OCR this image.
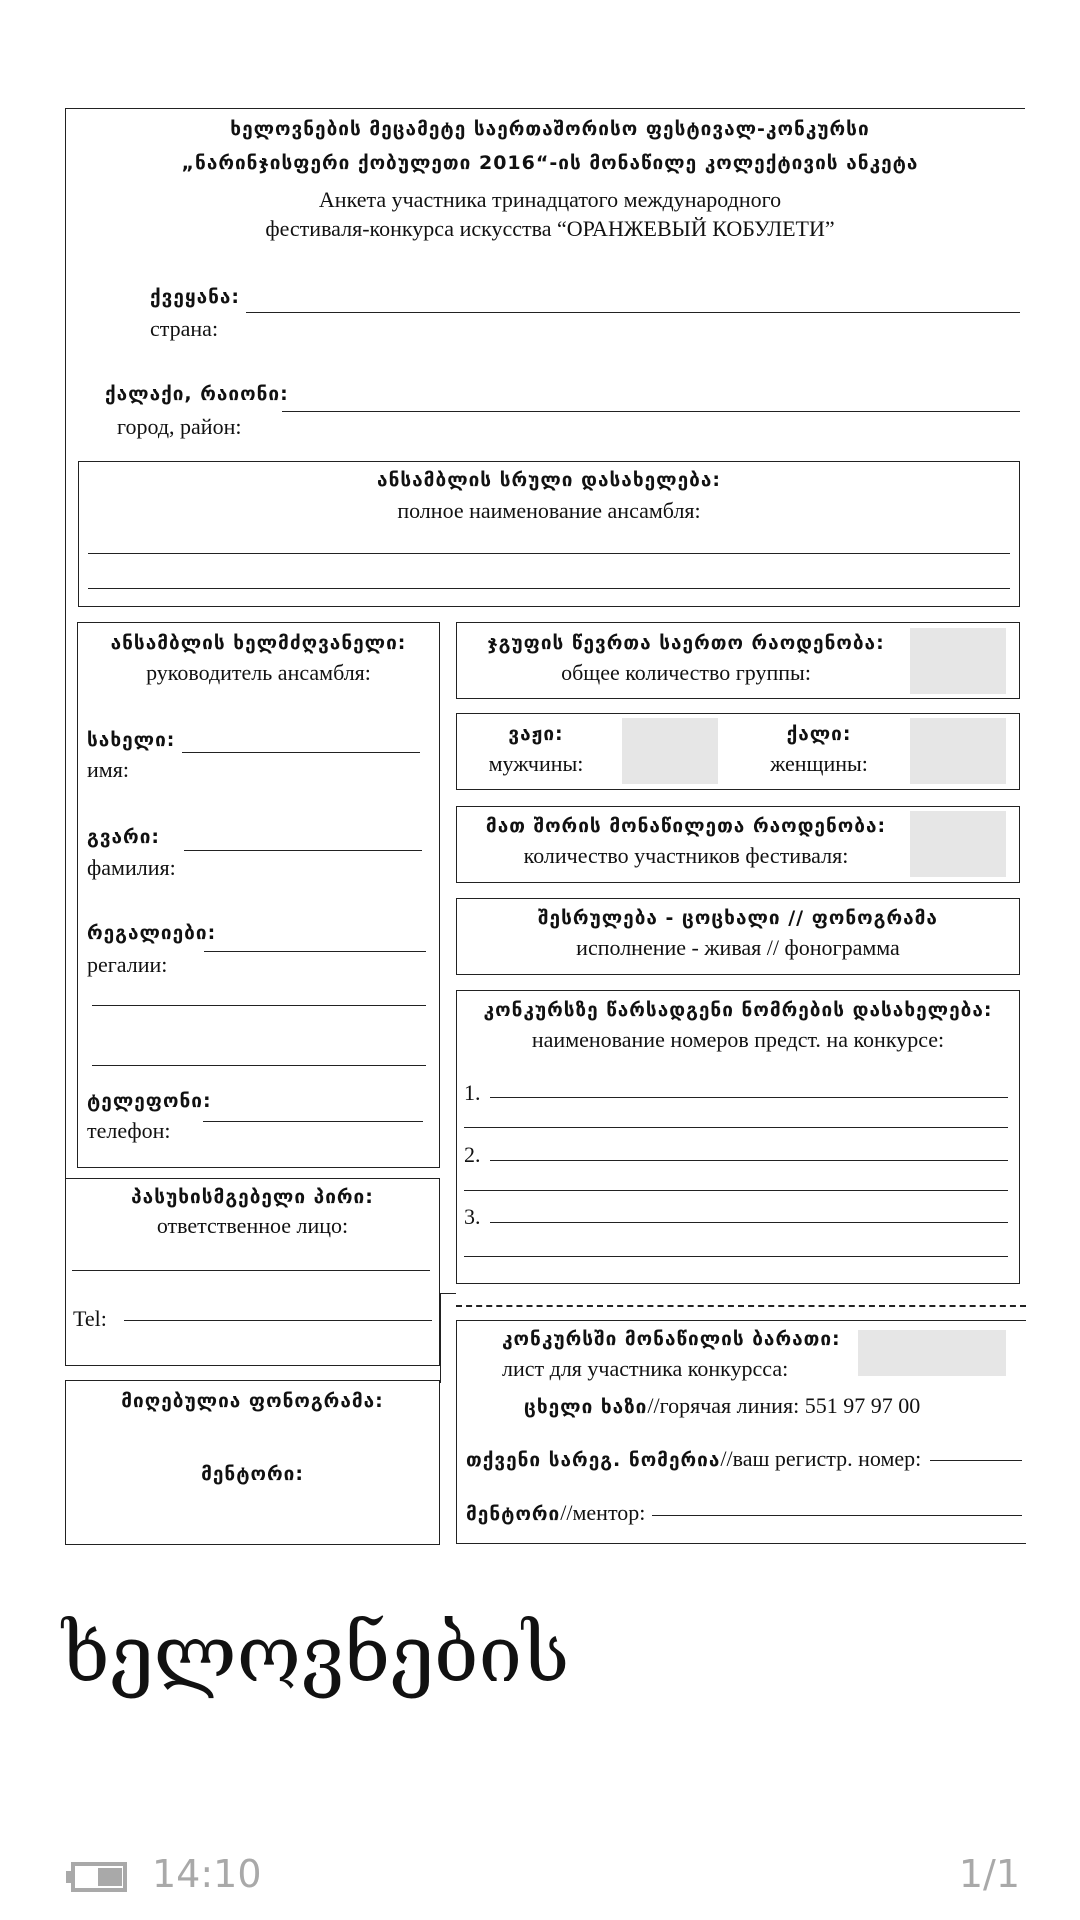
ხელოვნების მეცამეტე საერთაშორისო ფესტივალ-კონკურსი
„ნარინჯისფერი ქობულეთი 2016“-ის მონაწილე კოლექტივის ანკეტა
Анкета участника тринадцатого международного
фестиваля-конкурса искусства “ОРАНЖЕВЫЙ КОБУЛЕТИ”
ქვეყანა:
страна:
ქალაქი, რაიონი:
город, район:
ანსამბლის სრული დასახელება:
полное наименование ансамбля:
ანსამბლის ხელმძღვანელი:
руководитель ансамбля:
სახელი:
имя:
გვარი:
фамилия:
რეგალიები:
регалии:
ტელეფონი:
телефон:
პასუხისმგებელი პირი:
ответственное лицо:
Tel:
მიღებულია ფონოგრამა:
მენტორი:
ჯგუფის წევრთა საერთო რაოდენობა:
общее количество группы:
ვაჟი:
мужчины:
ქალი:
женщины:
მათ შორის მონაწილეთა რაოდენობა:
количество участников фестиваля:
შესრულება - ცოცხალი // ფონოგრამა
исполнение - живая // фонограмма
კონკურსზე წარსადგენი ნომრების დასახელება:
наименование номеров предст. на конкурсе:
1.
2.
3.
კონკურსში მონაწილის ბარათი:
лист для участника конкурсса:
ცხელი ხაზი//горячая линия: 551 97 97 00
თქვენი სარეგ. ნომერია//ваш регистр. номер:
მენტორი//ментор:
ხელოვნების
14:10	1/1
